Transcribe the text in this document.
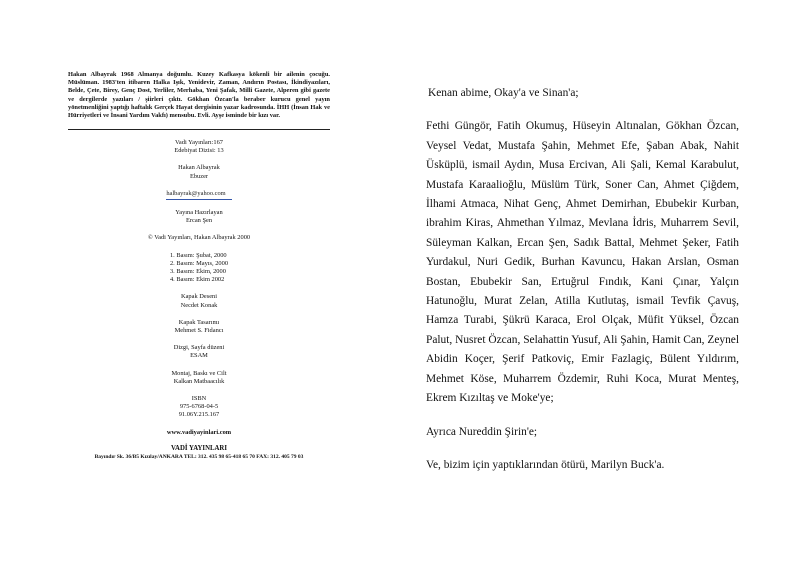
Hakan Albayrak 1968 Almanya doğumlu. Kuzey Kafkasya kökenli bir ailenin çocuğu. Müslüman. 1983'ten itibaren Halka Işık, Yenidevir, Zaman, Andırın Postası, İkindiyazıları, Belde, Çete, Birey, Genç Dost, Yerliler, Merhaba, Yeni Şafak, Milli Gazete, Alperen gibi gazete ve dergilerde yazıları / şiirleri çıktı. Gökhan Özcan'la beraber kurucu genel yayın yönetmenliğini yaptığı haftalık Gerçek Hayat dergisinin yazar kadrosunda. İHH (İnsan Hak ve Hürriyetleri ve İnsani Yardım Vakfı) mensubu. Evli. Ayşe isminde bir kızı var.

Vadi Yayınları:167
Edebiyat Dizisi: 13
Hakan Albayrak
Ebuzer
halbayrak@yahoo.com
Yayına Hazırlayan
Ercan Şen
© Vadi Yayınları, Hakan Albayrak 2000
1. Basım: Şubat, 2000
2. Basım: Mayıs, 2000
3. Basım: Ekim, 2000
4. Basım: Ekim 2002
Kapak Deseni
Necdet Konak
Kapak Tasarımı
Mehmet S. Fidancı
Dizgi, Sayfa düzeni
ESAM
Montaj, Baskı ve Cilt
Kalkan Matbaacılık
ISBN
975-6768-04-5
91.06Y.215.167
www.vadiyayinlari.com
VADİ YAYINLARI
Bayındır Sk. 36/B5 Kızılay/ANKARA TEL: 312. 435 98 65-418 65 70 FAX: 312. 405 79 03

Kenan abime, Okay'a ve Sinan'a;

Fethi Güngör, Fatih Okumuş, Hüseyin Altınalan, Gökhan Özcan, Veysel Vedat, Mustafa Şahin, Mehmet Efe, Şaban Abak, Nahit Üsküplü, ismail Aydın, Musa Ercivan, Ali Şali, Kemal Karabulut, Mustafa Karaalioğlu, Müslüm Türk, Soner Can, Ahmet Çiğdem, İlhami Atmaca, Nihat Genç, Ahmet Demirhan, Ebubekir Kurban, ibrahim Kiras, Ahmethan Yılmaz, Mevlana İdris, Muharrem Sevil, Süleyman Kalkan, Ercan Şen, Sadık Battal, Mehmet Şeker, Fatih Yurdakul, Nuri Gedik, Burhan Kavuncu, Hakan Arslan, Osman Bostan, Ebubekir San, Ertuğrul Fındık, Kani Çınar, Yalçın Hatunoğlu, Murat Zelan, Atilla Kutlutaş, ismail Tevfik Çavuş, Hamza Turabi, Şükrü Karaca, Erol Olçak, Müfit Yüksel, Özcan Palut, Nusret Özcan, Selahattin Yusuf, Ali Şahin, Hamit Can, Zeynel Abidin Koçer, Şerif Patkoviç, Emir Fazlagiç, Bülent Yıldırım, Mehmet Köse, Muharrem Özdemir, Ruhi Koca, Murat Menteş, Ekrem Kızıltaş ve Moke'ye;

Ayrıca Nureddin Şirin'e;

Ve, bizim için yaptıklarından ötürü, Marilyn Buck'a.
